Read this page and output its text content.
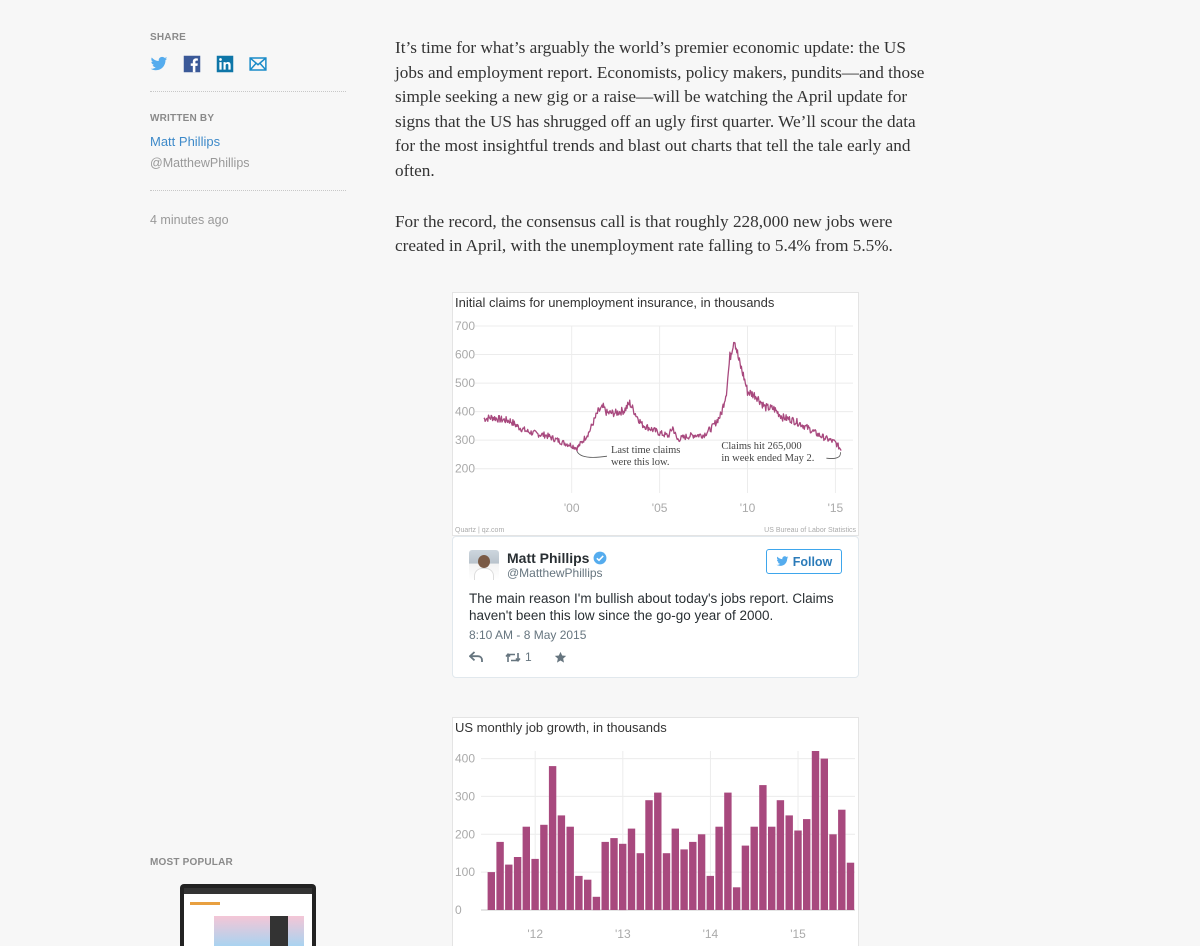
SHARE
WRITTEN BY
Matt Phillips
@MatthewPhillips
4 minutes ago
MOST POPULAR

It’s time for what’s arguably the world’s premier economic update: the US jobs and employment report. Economists, policy makers, pundits—and those simple seeking a new gig or a raise—will be watching the April update for signs that the US has shrugged off an ugly first quarter. We’ll scour the data for the most insightful trends and blast out charts that tell the tale early and often.

For the record, the consensus call is that roughly 228,000 new jobs were created in April, with the unemployment rate falling to 5.4% from 5.5%.

Initial claims for unemployment insurance, in thousands
200
300
400
500
600
700
'00	'05	'10	'15
Last time claims
were this low.
Claims hit 265,000
in week ended May 2.
Quartz | qz.com	US Bureau of Labor Statistics
Matt Phillips
@MatthewPhillips
Follow
The main reason I'm bullish about today's jobs report. Claims haven't been this low since the go-go year of 2000.
8:10 AM - 8 May 2015
1
US monthly job growth, in thousands
0
100
200
300
400
'12	'13	'14	'15
